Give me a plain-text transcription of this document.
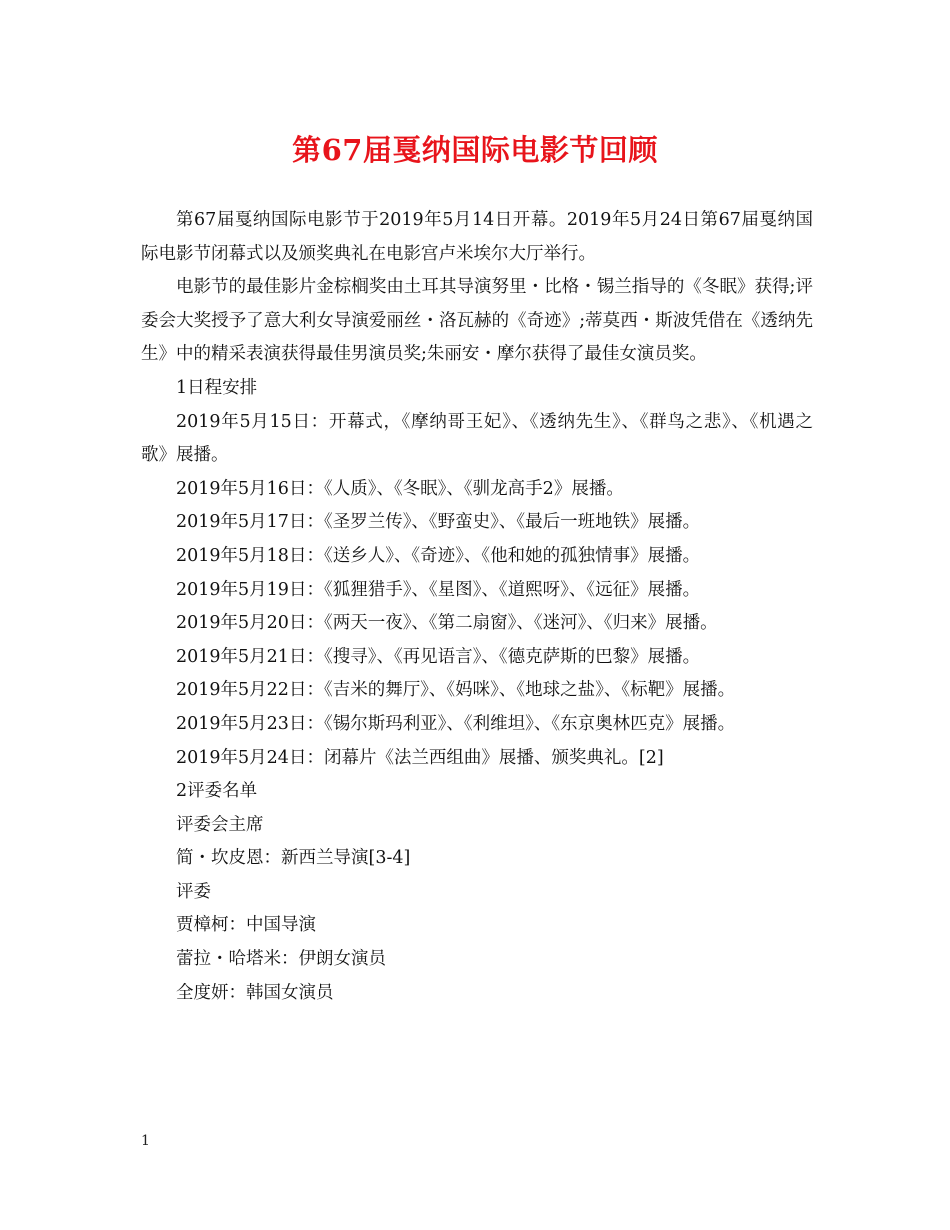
第67届戛纳国际电影节回顾

第67届戛纳国际电影节于2019年5月14日开幕。2019年5月24日第67届戛纳国际电影节闭幕式以及颁奖典礼在电影宫卢米埃尔大厅举行。

电影节的最佳影片金棕榈奖由土耳其导演努里・比格・锡兰指导的《冬眠》获得;评委会大奖授予了意大利女导演爱丽丝・洛瓦赫的《奇迹》;蒂莫西・斯波凭借在《透纳先生》中的精采表演获得最佳男演员奖;朱丽安・摩尔获得了最佳女演员奖。

1日程安排

2019年5月15日：开幕式，《摩纳哥王妃》、《透纳先生》、《群鸟之悲》、《机遇之歌》展播。

2019年5月16日：《人质》、《冬眠》、《驯龙高手2》展播。

2019年5月17日：《圣罗兰传》、《野蛮史》、《最后一班地铁》展播。

2019年5月18日：《送乡人》、《奇迹》、《他和她的孤独情事》展播。

2019年5月19日：《狐狸猎手》、《星图》、《道熙呀》、《远征》展播。

2019年5月20日：《两天一夜》、《第二扇窗》、《迷河》、《归来》展播。

2019年5月21日：《搜寻》、《再见语言》、《德克萨斯的巴黎》展播。

2019年5月22日：《吉米的舞厅》、《妈咪》、《地球之盐》、《标靶》展播。

2019年5月23日：《锡尔斯玛利亚》、《利维坦》、《东京奥林匹克》展播。

2019年5月24日：闭幕片《法兰西组曲》展播、颁奖典礼。[2]

2评委名单

评委会主席

简・坎皮恩：新西兰导演[3-4]

评委

贾樟柯：中国导演

蕾拉・哈塔米：伊朗女演员

全度妍：韩国女演员

1
